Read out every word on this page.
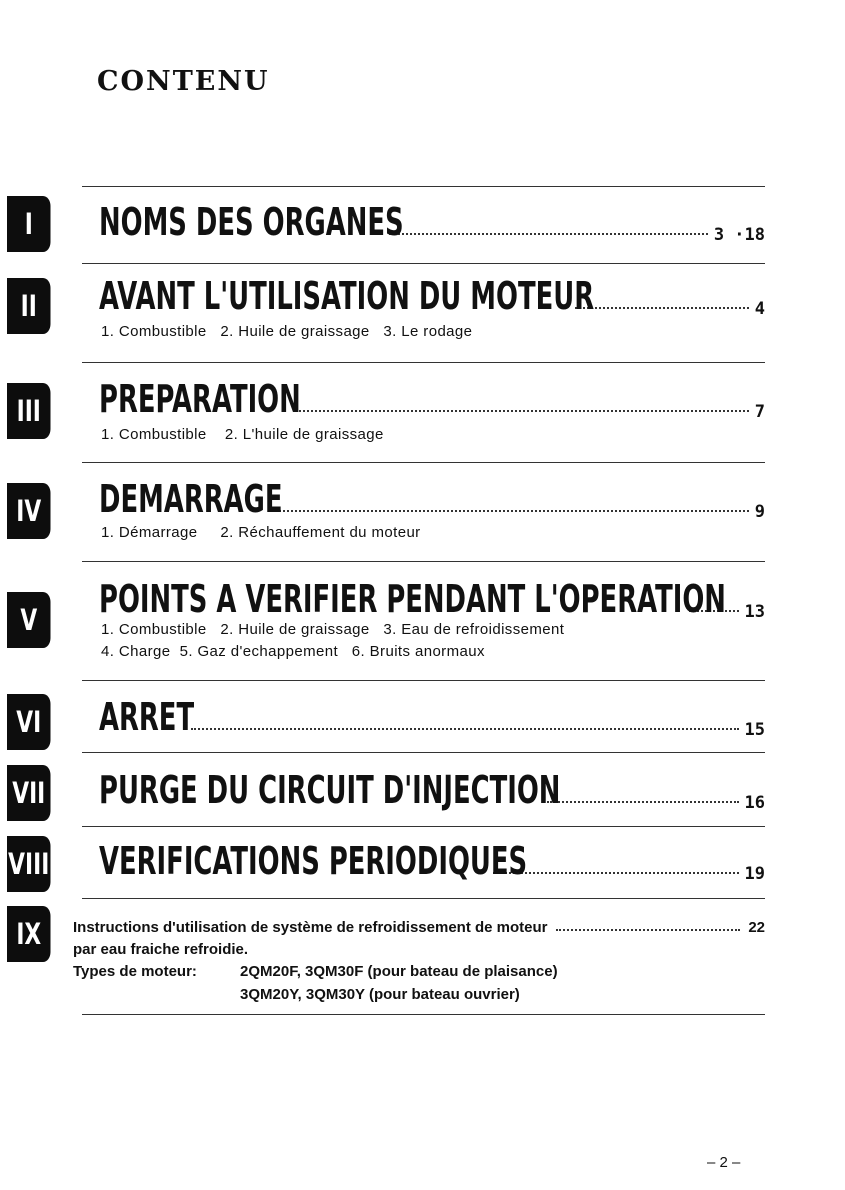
CONTENU
I NOMS DES ORGANES	3 ·18
II AVANT L'UTILISATION DU MOTEUR	4
1. Combustible   2. Huile de graissage   3. Le rodage
III PREPARATION	7
1. Combustible    2. L'huile de graissage
IV DEMARRAGE	9
1. Démarrage     2. Réchauffement du moteur
V POINTS A VERIFIER PENDANT L'OPERATION 13
1. Combustible   2. Huile de graissage   3. Eau de refroidissement
4. Charge  5. Gaz d'echappement   6. Bruits anormaux
VI ARRET	15
VII PURGE DU CIRCUIT D'INJECTION	16
VIII VERIFICATIONS PERIODIQUES	19
IX Instructions d'utilisation de système de refroidissement de moteur	22
par eau fraiche refroidie.
Types de moteur:	2QM20F, 3QM30F (pour bateau de plaisance)
3QM20Y, 3QM30Y (pour bateau ouvrier)
– 2 –
